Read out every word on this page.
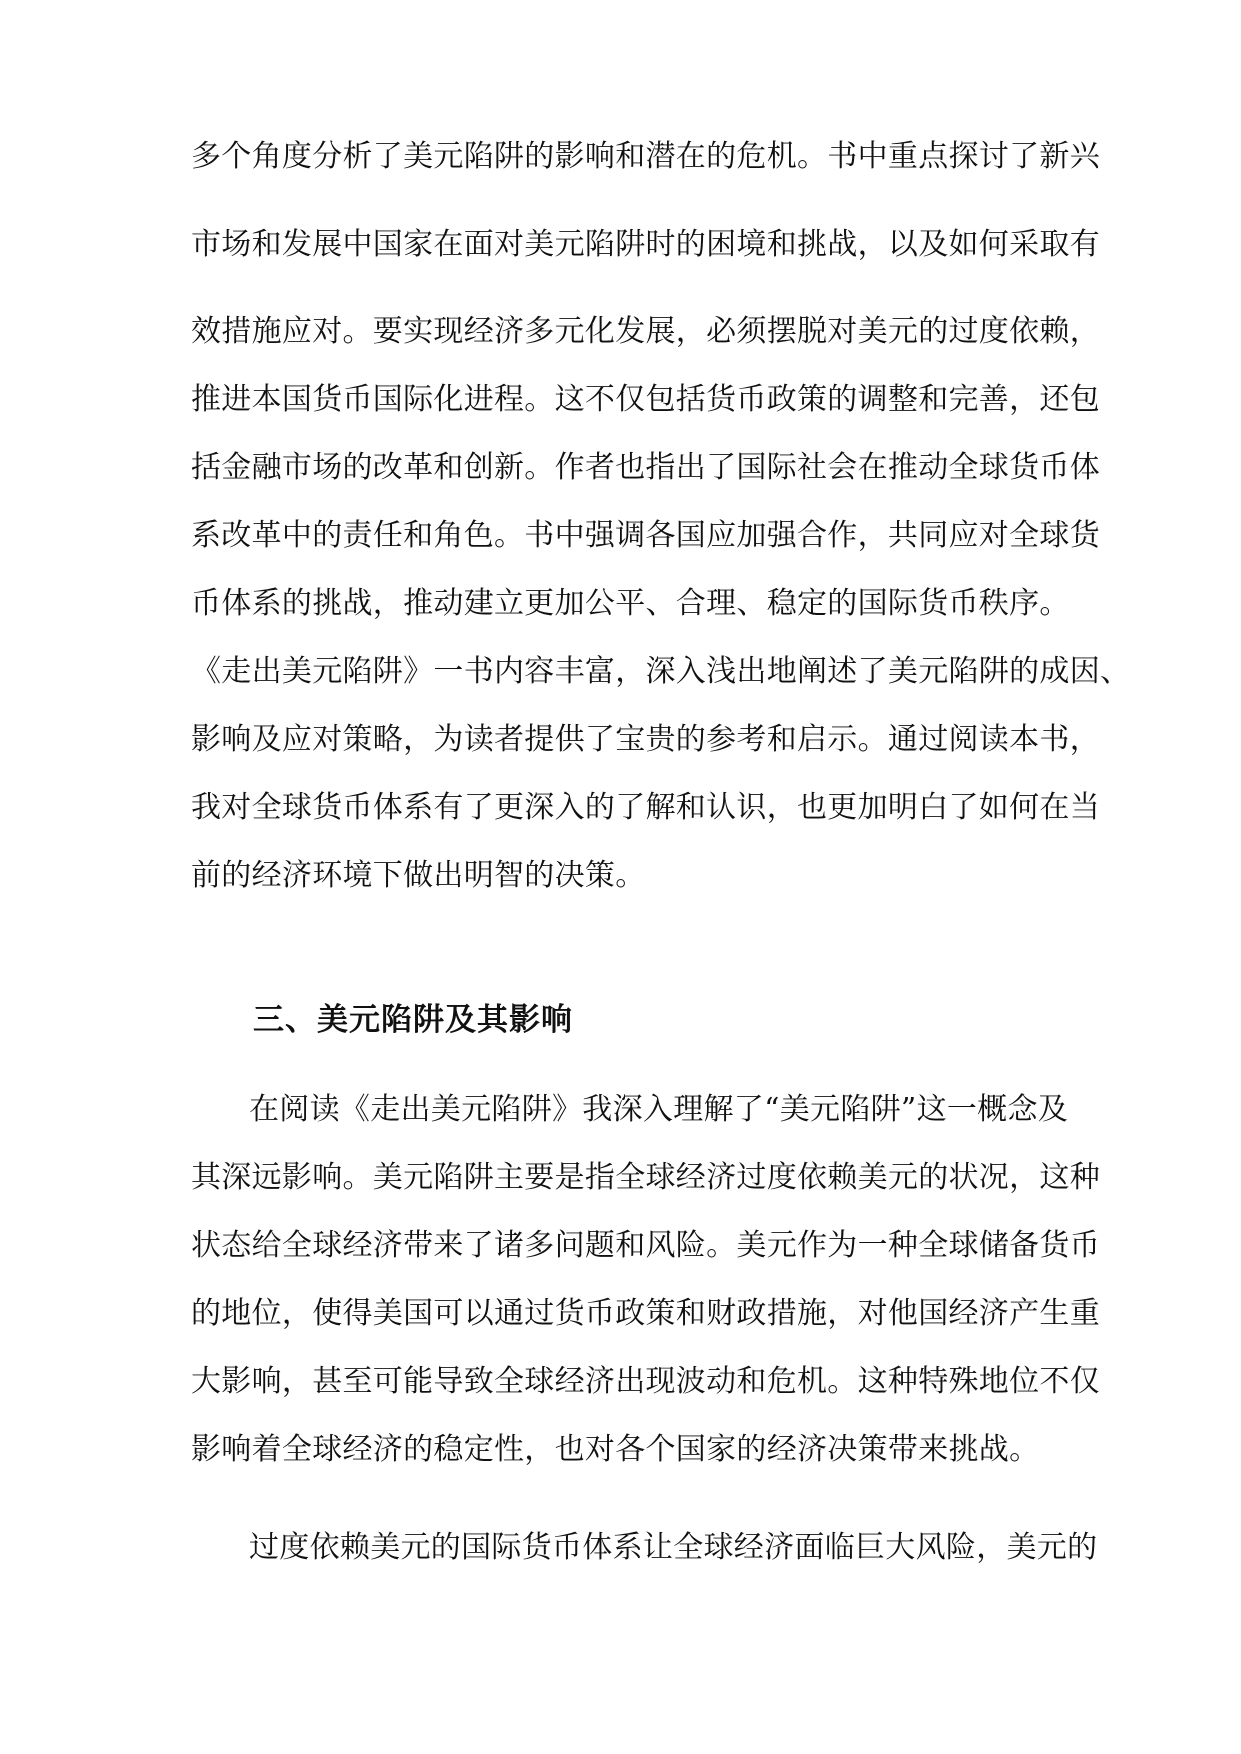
多个角度分析了美元陷阱的影响和潜在的危机。书中重点探讨了新兴
市场和发展中国家在面对美元陷阱时的困境和挑战，以及如何采取有
效措施应对。要实现经济多元化发展，必须摆脱对美元的过度依赖，
推进本国货币国际化进程。这不仅包括货币政策的调整和完善，还包
括金融市场的改革和创新。作者也指出了国际社会在推动全球货币体
系改革中的责任和角色。书中强调各国应加强合作，共同应对全球货
币体系的挑战，推动建立更加公平、合理、稳定的国际货币秩序。
《走出美元陷阱》一书内容丰富，深入浅出地阐述了美元陷阱的成因、
影响及应对策略，为读者提供了宝贵的参考和启示。通过阅读本书，
我对全球货币体系有了更深入的了解和认识，也更加明白了如何在当
前的经济环境下做出明智的决策。
三、美元陷阱及其影响
在阅读《走出美元陷阱》我深入理解了“美元陷阱”这一概念及
其深远影响。美元陷阱主要是指全球经济过度依赖美元的状况，这种
状态给全球经济带来了诸多问题和风险。美元作为一种全球储备货币
的地位，使得美国可以通过货币政策和财政措施，对他国经济产生重
大影响，甚至可能导致全球经济出现波动和危机。这种特殊地位不仅
影响着全球经济的稳定性，也对各个国家的经济决策带来挑战。
过度依赖美元的国际货币体系让全球经济面临巨大风险，美元的
